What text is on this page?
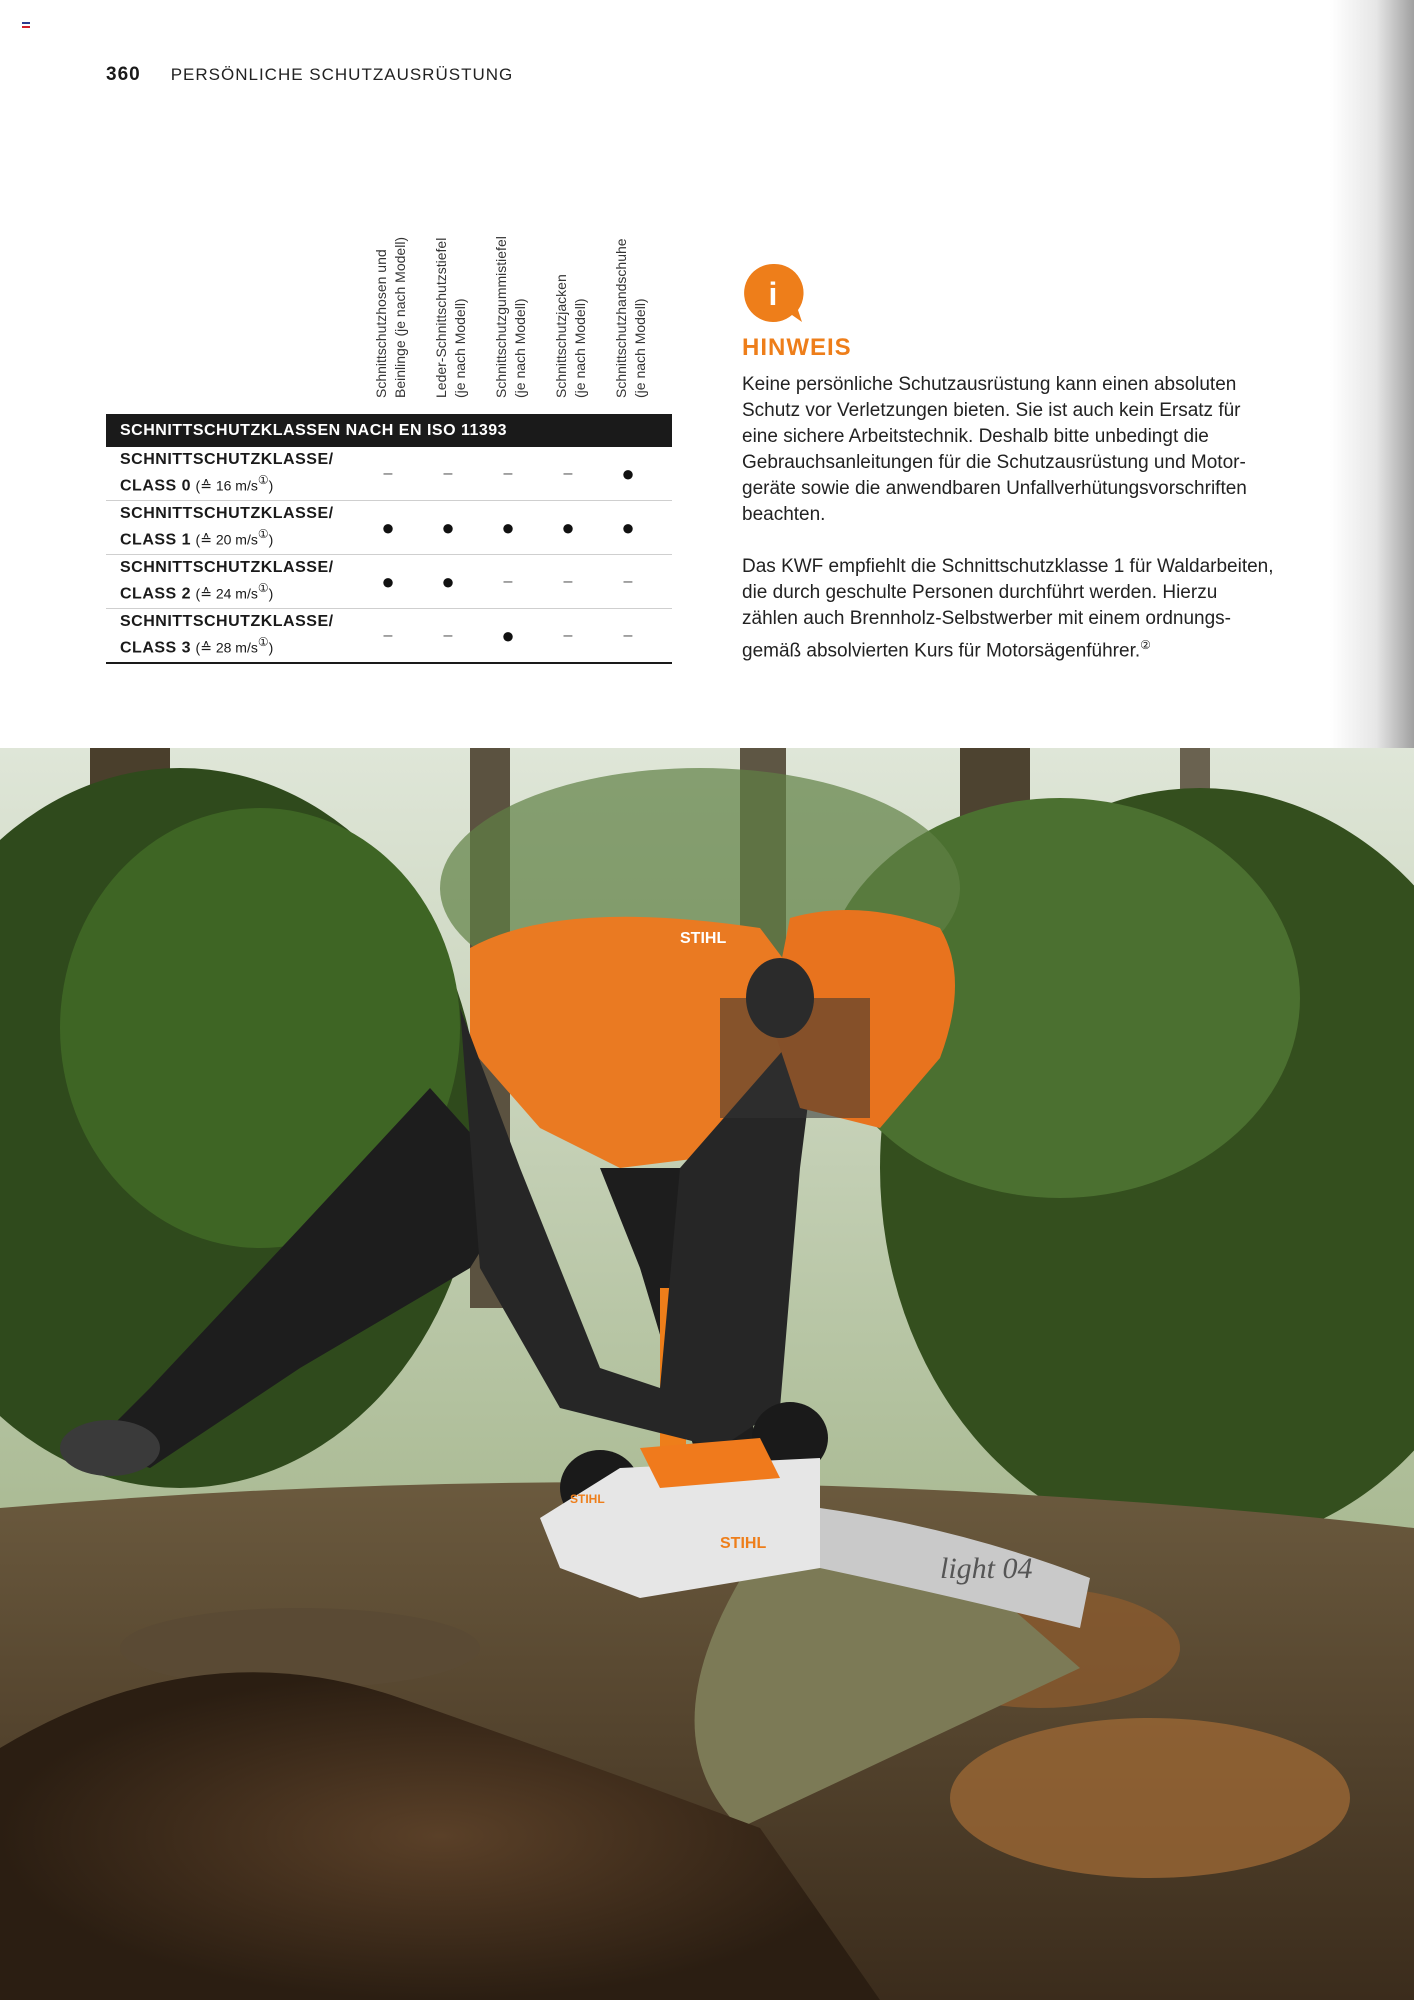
360 PERSÖNLICHE SCHUTZAUSRÜSTUNG
Schnittschutzhosen und Beinlinge (je nach Modell) Leder-Schnittschutzstiefel (je nach Modell) Schnittschutzgummistiefel (je nach Modell) Schnittschutzjacken (je nach Modell) Schnittschutzhandschuhe (je nach Modell)
SCHNITTSCHUTZKLASSEN NACH EN ISO 11393
SCHNITTSCHUTZKLASSE/
CLASS 0 (≙ 16 m/s①)
–	–	–	–	●
SCHNITTSCHUTZKLASSE/
CLASS 1 (≙ 20 m/s①)
●	●	●	●	●
SCHNITTSCHUTZKLASSE/
CLASS 2 (≙ 24 m/s①)
●	●	–	–	–
SCHNITTSCHUTZKLASSE/
CLASS 3 (≙ 28 m/s①)
–	–	●	–	–
i
HINWEIS

Keine persönliche Schutzausrüstung kann einen absoluten
Schutz vor Verletzungen bieten. Sie ist auch kein Ersatz für
eine sichere Arbeitstechnik. Deshalb bitte unbedingt die
Gebrauchsanleitungen für die Schutzausrüstung und Motor-
geräte sowie die anwendbaren Unfallverhütungsvorschriften
beachten.

Das KWF empfiehlt die Schnittschutzklasse 1 für Waldarbeiten,
die durch geschulte Personen durchführt werden. Hierzu
zählen auch Brennholz-Selbstwerber mit einem ordnungs-
gemäß absolvierten Kurs für Motorsägenführer.②

STIHL
STIHL
STIHL
light 04
